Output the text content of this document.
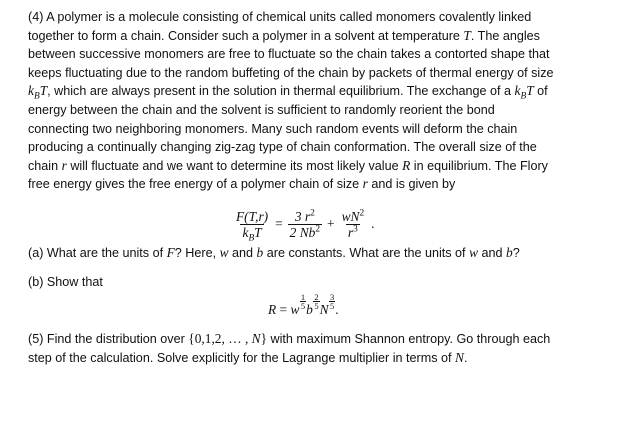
(4) A polymer is a molecule consisting of chemical units called monomers covalently linked
together to form a chain. Consider such a polymer in a solvent at temperature T. The angles
between successive monomers are free to fluctuate so the chain takes a contorted shape that
keeps fluctuating due to the random buffeting of the chain by packets of thermal energy of size
$k_BT$, which are always present in the solution in thermal equilibrium. The exchange of a $k_BT$ of
energy between the chain and the solvent is sufficient to randomly reorient the bond
connecting two neighboring monomers. Many such random events will deform the chain
producing a continually changing zig-zag type of chain conformation. The overall size of the
chain r will fluctuate and we want to determine its most likely value R in equilibrium. The Flory
free energy gives the free energy of a polymer chain of size r and is given by
$\frac{F(T,r)}{k_BT} = \frac{3 r^2}{2 Nb^2} + \frac{wN^2}{r^3}$ .
(a) What are the units of F? Here, w and b are constants. What are the units of w and b?
(b) Show that
R = w
1
5 b
2
5 N
3
5 .
(5) Find the distribution over {0,1,2, … , N} with maximum Shannon entropy. Go through each
step of the calculation. Solve explicitly for the Lagrange multiplier in terms of N.
